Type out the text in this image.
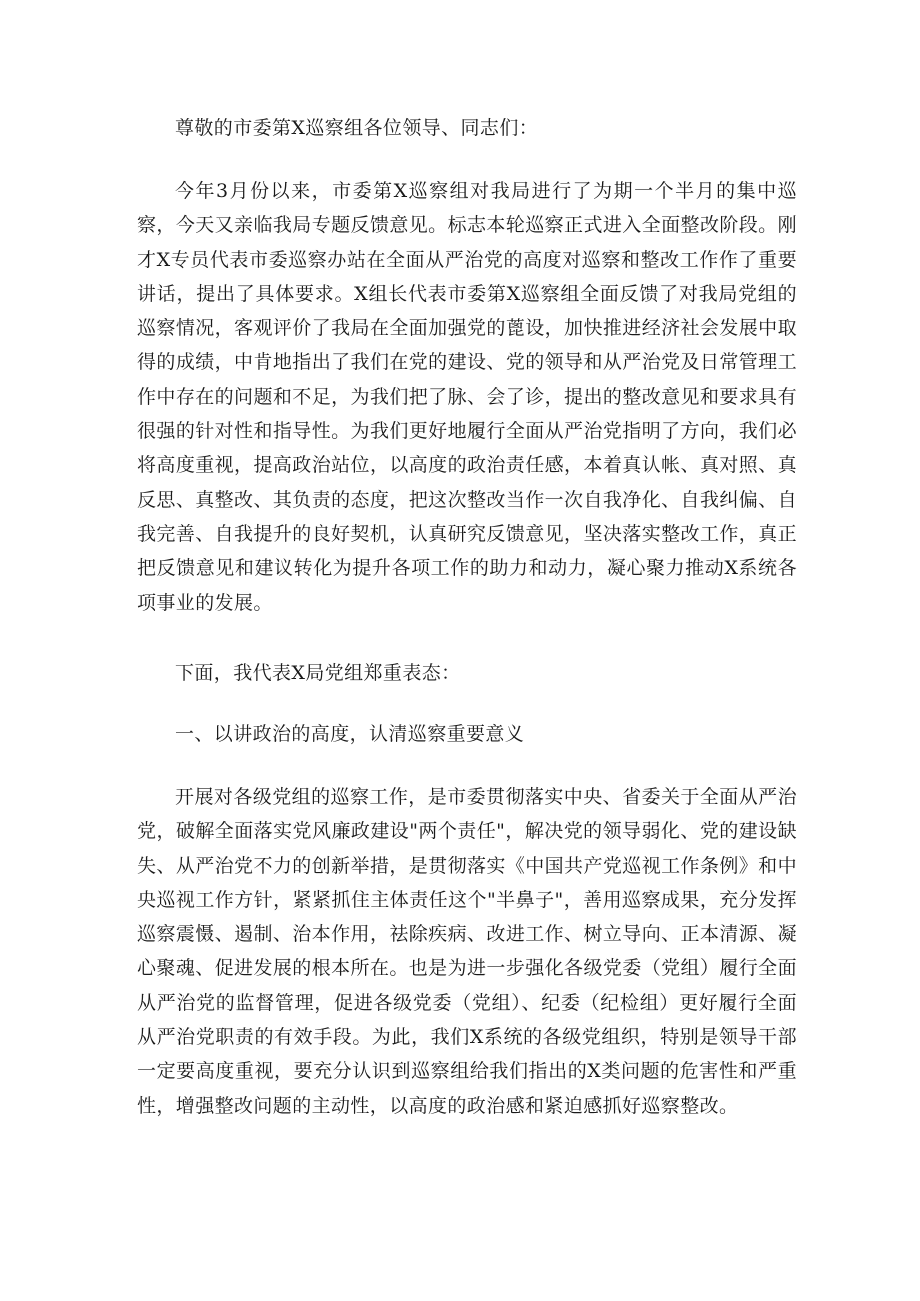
尊敬的市委第X巡察组各位领导、同志们：

今年3月份以来，市委第X巡察组对我局进行了为期一个半月的集中巡察，今天又亲临我局专题反馈意见。标志本轮巡察正式进入全面整改阶段。刚才X专员代表市委巡察办站在全面从严治党的高度对巡察和整改工作作了重要讲话，提出了具体要求。X组长代表市委第X巡察组全面反馈了对我局党组的巡察情况，客观评价了我局在全面加强党的蓖设，加快推进经济社会发展中取得的成绩，中肯地指出了我们在党的建设、党的领导和从严治党及日常管理工作中存在的问题和不足，为我们把了脉、会了诊，提出的整改意见和要求具有很强的针对性和指导性。为我们更好地履行全面从严治党指明了方向，我们必将高度重视，提高政治站位，以高度的政治责任感，本着真认帐、真对照、真反思、真整改、其负责的态度，把这次整改当作一次自我净化、自我纠偏、自我完善、自我提升的良好契机，认真研究反馈意见，坚决落实整改工作，真正把反馈意见和建议转化为提升各项工作的助力和动力，凝心聚力推动X系统各项事业的发展。

下面，我代表X局党组郑重表态：

一、以讲政治的高度，认清巡察重要意义

开展对各级党组的巡察工作，是市委贯彻落实中央、省委关于全面从严治党，破解全面落实党风廉政建设"两个责任"，解决党的领导弱化、党的建设缺失、从严治党不力的创新举措，是贯彻落实《中国共产党巡视工作条例》和中央巡视工作方针，紧紧抓住主体责任这个"半鼻子"，善用巡察成果，充分发挥巡察震慑、遏制、治本作用，祛除疾病、改进工作、树立导向、正本清源、凝心聚魂、促进发展的根本所在。也是为进一步强化各级党委（党组）履行全面从严治党的监督管理，促进各级党委（党组）、纪委（纪检组）更好履行全面从严治党职责的有效手段。为此，我们X系统的各级党组织，特别是领导干部一定要高度重视，要充分认识到巡察组给我们指出的X类问题的危害性和严重性，增强整改问题的主动性，以高度的政治感和紧迫感抓好巡察整改。
